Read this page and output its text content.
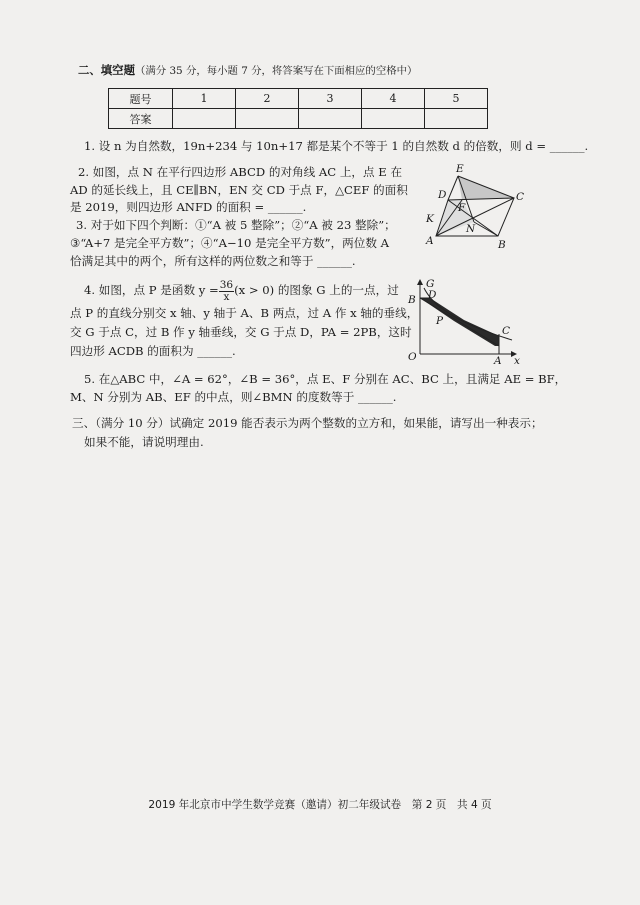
二、填空题（满分 35 分，每小题 7 分，将答案写在下面相应的空格中）
题号	1	2	3	4	5
答案					
1. 设 n 为自然数，19n+234 与 10n+17 都是某个不等于 1 的自然数 d 的倍数，则 d = ______.
2. 如图，点 N 在平行四边形 ABCD 的对角线 AC 上，点 E 在
AD 的延长线上，且 CE∥BN，EN 交 CD 于点 F，△CEF 的面积
是 2019，则四边形 ANFD 的面积 = ______.
3. 对于如下四个判断：①“A 被 5 整除”；②“A 被 23 整除”；
③“A+7 是完全平方数”；④“A−10 是完全平方数”，两位数 A
恰满足其中的两个，所有这样的两位数之和等于 ______.
E
D
F
C
K
N
A	B
4. 如图，点 P 是函数 $y = \frac{36}{x} (x > 0)$ 的图象 G 上的一点，过
点 P 的直线分别交 x 轴、y 轴于 A、B 两点，过 A 作 x 轴的垂线，
交 G 于点 C，过 B 作 y 轴垂线，交 G 于点 D，PA = 2PB，这时
四边形 ACDB 的面积为 ______.
G
B D
P
C
O	A x
5. 在△ABC 中，∠A = 62°，∠B = 36°，点 E、F 分别在 AC、BC 上，且满足 AE = BF，
M、N 分别为 AB、EF 的中点，则∠BMN 的度数等于 ______.
三、（满分 10 分）试确定 2019 能否表示为两个整数的立方和，如果能，请写出一种表示；
如果不能，请说明理由.
2019 年北京市中学生数学竞赛（邀请）初二年级试卷　第 2 页　共 4 页
